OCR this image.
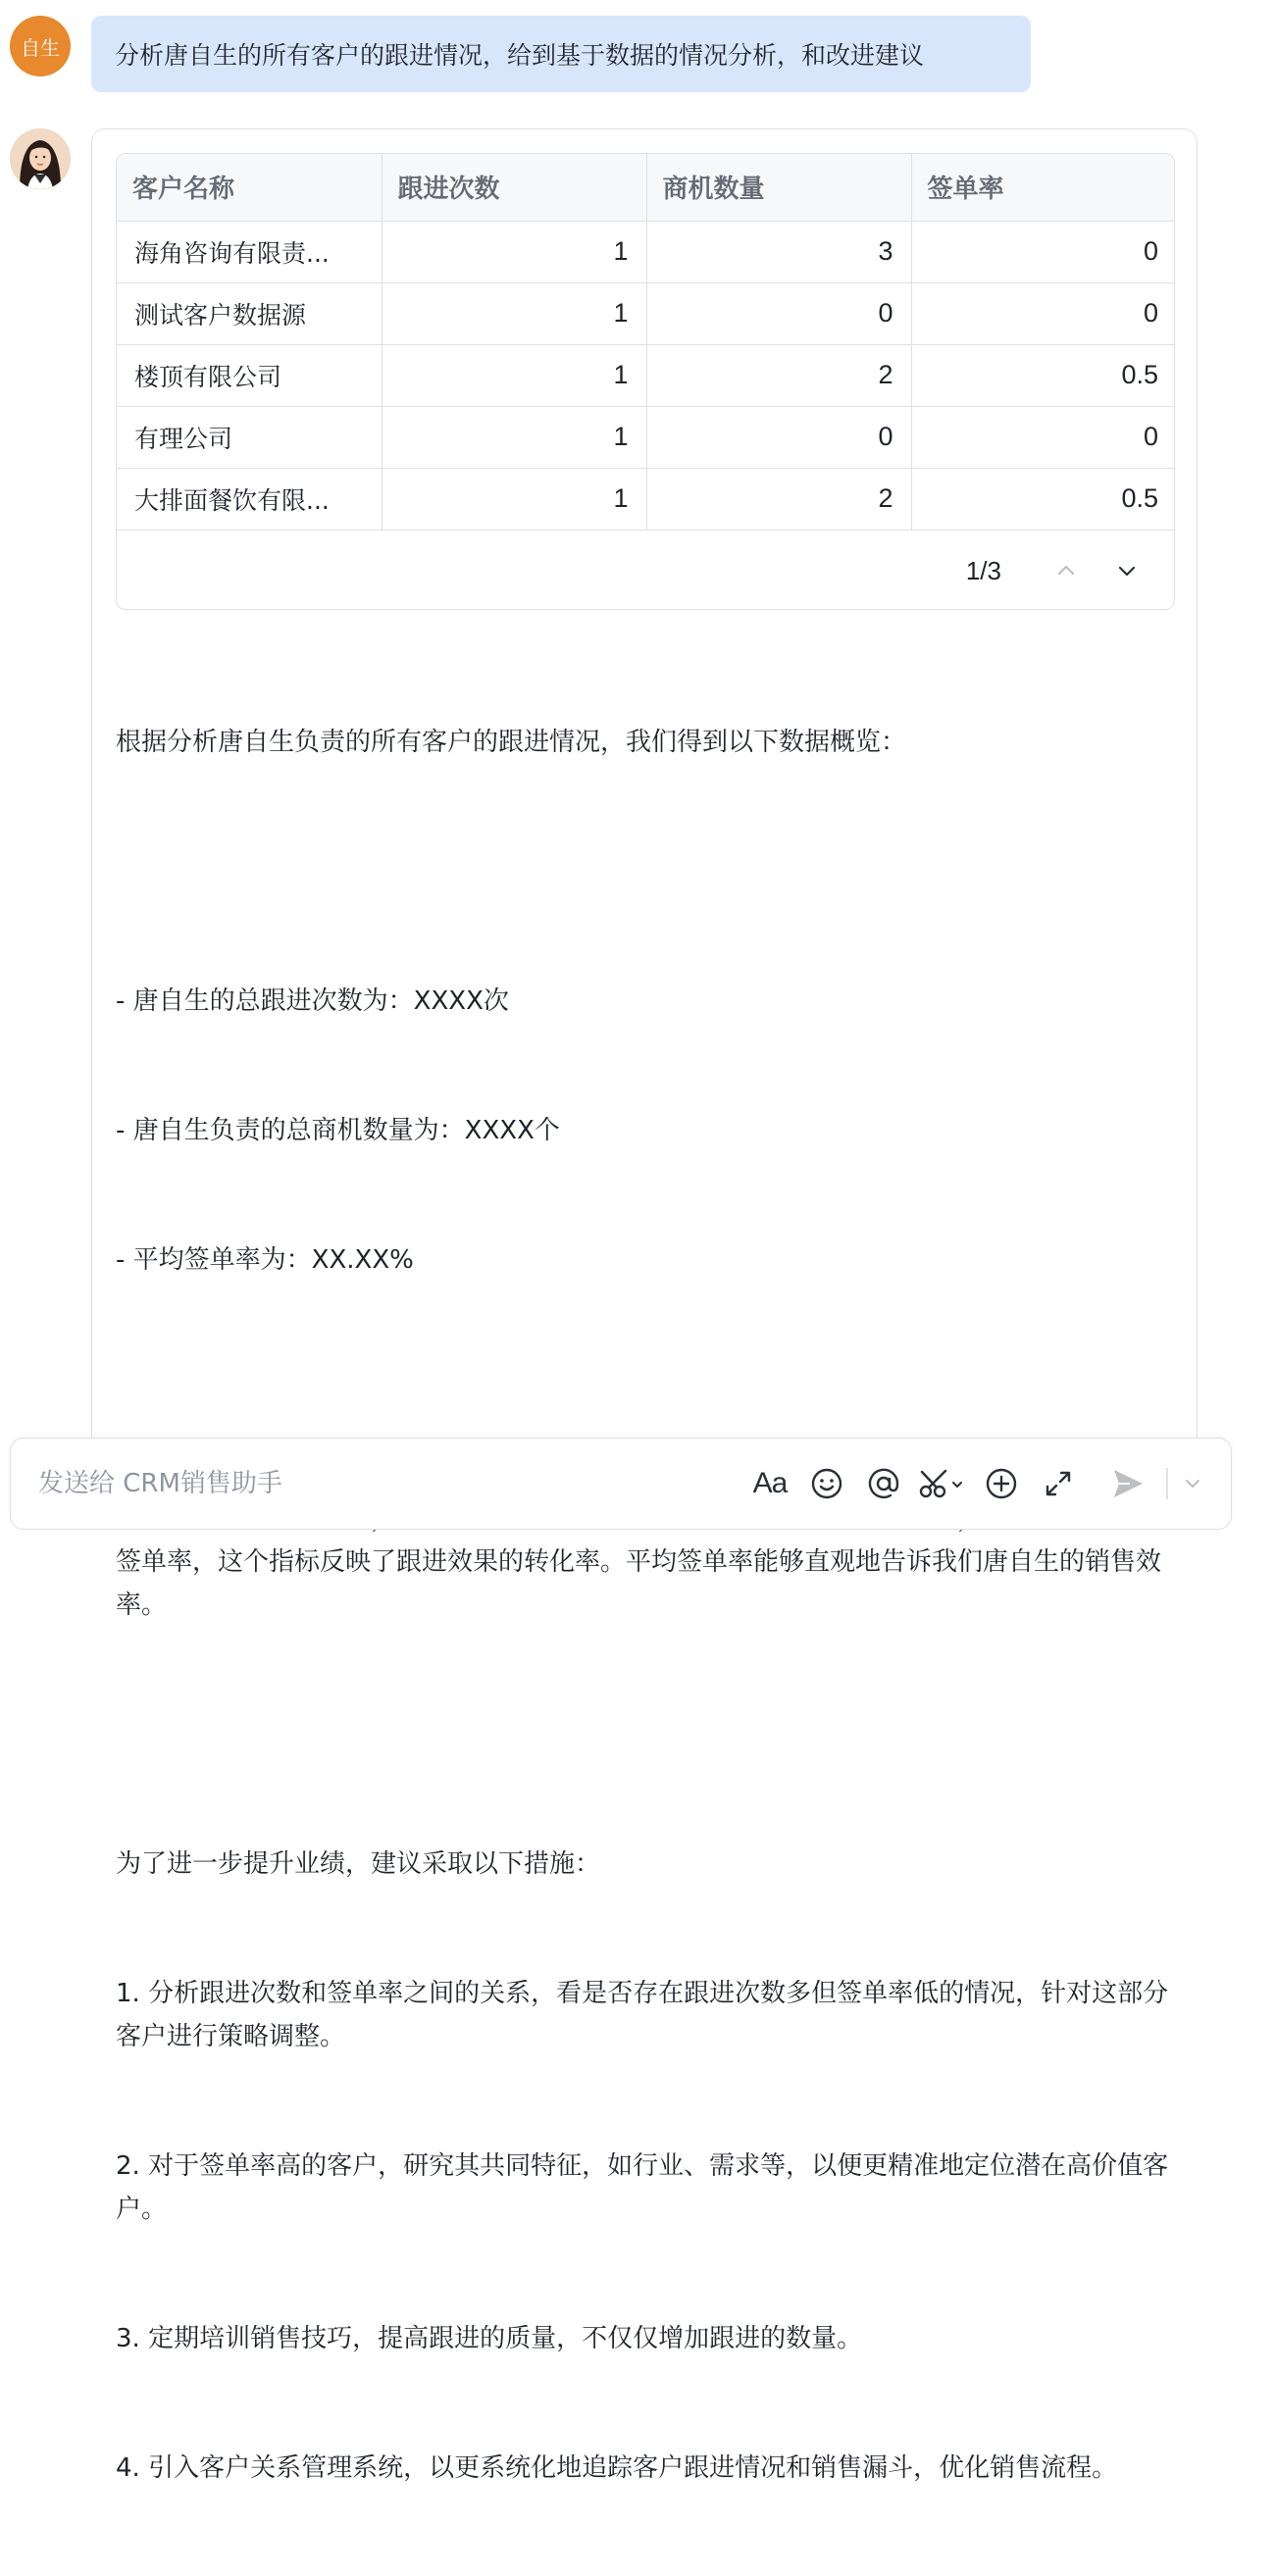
自生 分析唐自生的所有客户的跟进情况，给到基于数据的情况分析，和改进建议
客户名称	跟进次数	商机数量	签单率
海角咨询有限责...	1	3	0
测试客户数据源	1	0	0
楼顶有限公司	1	2	0.5
有理公司	1	0	0
大排面餐饮有限...	1	2	0.5
1/3

根据分析唐自生负责的所有客户的跟进情况，我们得到以下数据概览：

- 唐自生的总跟进次数为：XXXX次

- 唐自生负责的总商机数量为：XXXX个

- 平均签单率为：XX.XX%

签单率，这个指标反映了跟进效果的转化率。平均签单率能够直观地告诉我们唐自生的销售效率。

为了进一步提升业绩，建议采取以下措施：

1. 分析跟进次数和签单率之间的关系，看是否存在跟进次数多但签单率低的情况，针对这部分客户进行策略调整。

2. 对于签单率高的客户，研究其共同特征，如行业、需求等，以便更精准地定位潜在高价值客户。

3. 定期培训销售技巧，提高跟进的质量，不仅仅增加跟进的数量。

4. 引入客户关系管理系统，以更系统化地追踪客户跟进情况和销售漏斗，优化销售流程。

发送给 CRM销售助手
Aa
